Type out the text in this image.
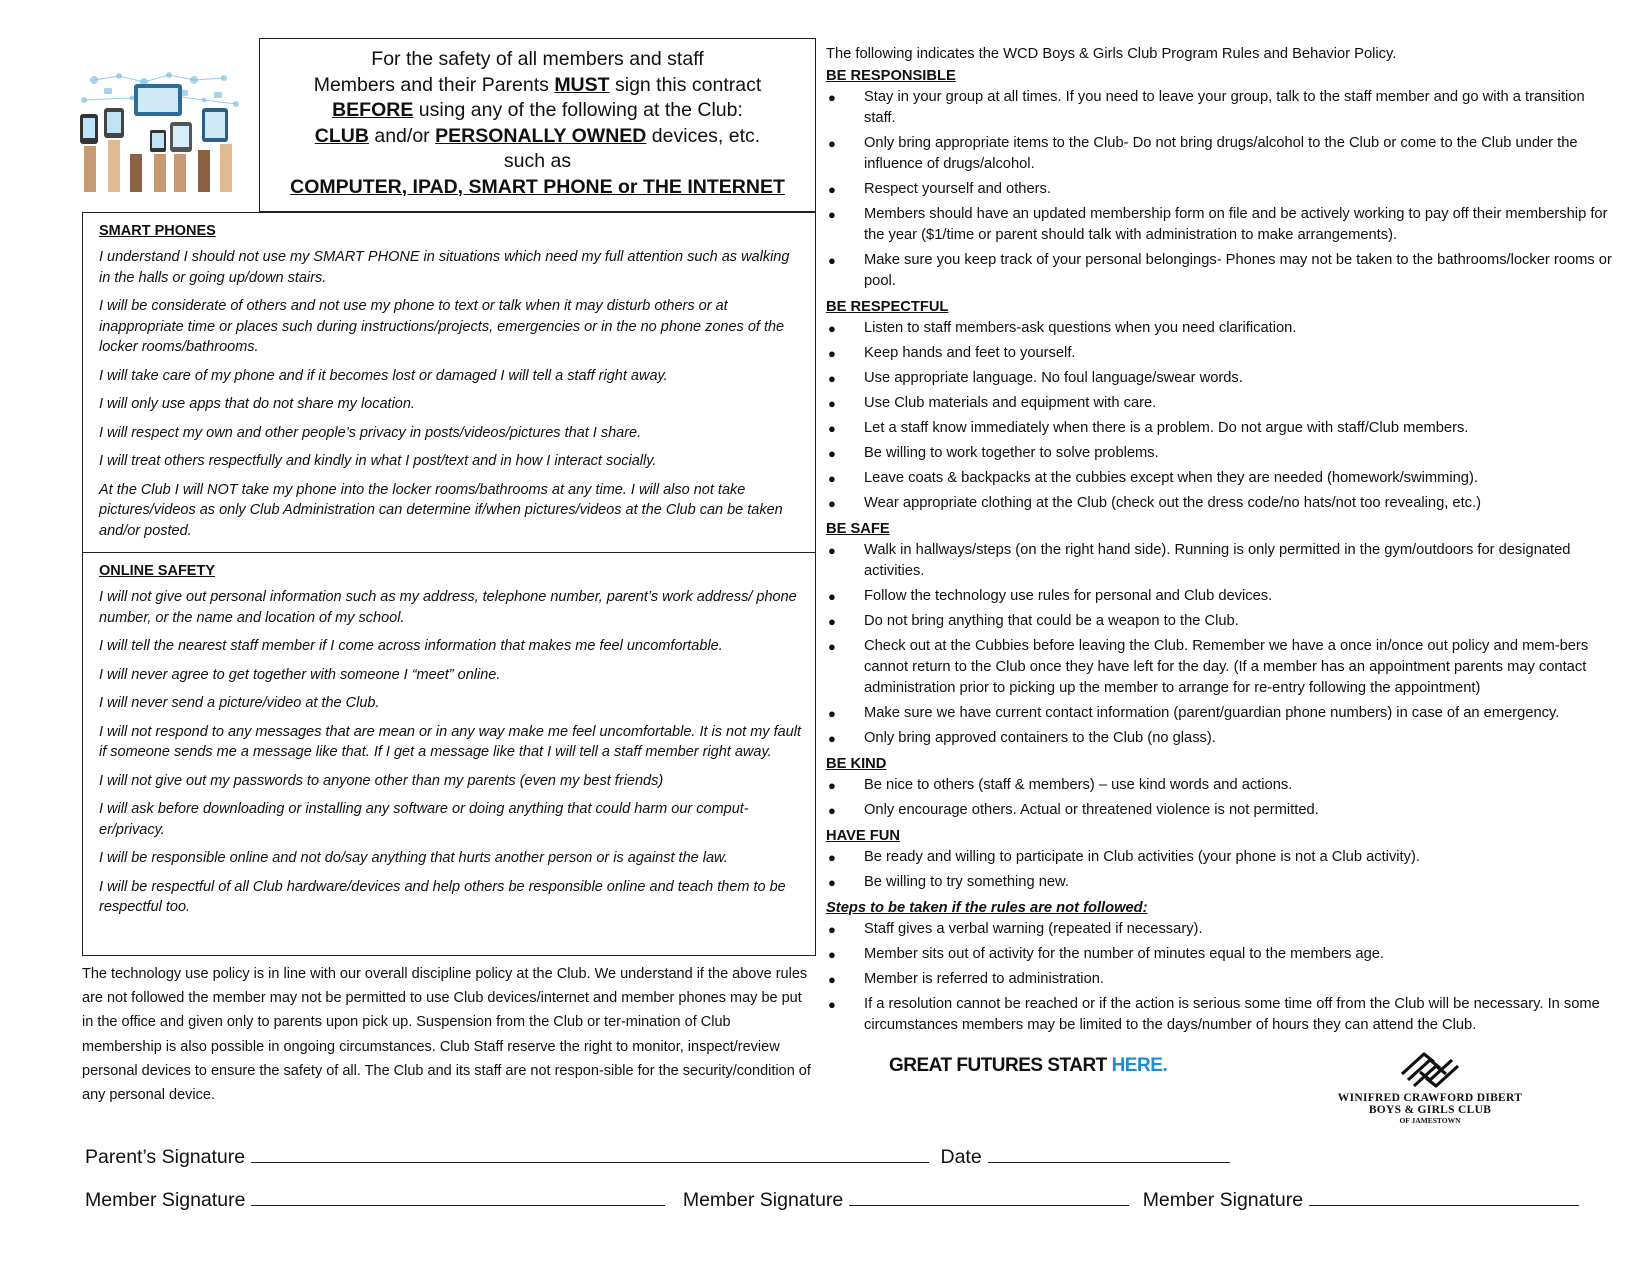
For the safety of all members and staff
Members and their Parents MUST sign this contract
BEFORE using any of the following at the Club:
CLUB and/or PERSONALLY OWNED devices, etc.
such as
COMPUTER, IPAD, SMART PHONE or THE INTERNET
SMART PHONES
I understand I should not use my SMART PHONE in situations which need my full attention such as walking in the halls or going up/down stairs.
I will be considerate of others and not use my phone to text or talk when it may disturb others or at inappropriate time or places such during instructions/projects, emergencies or in the no phone zones of the locker rooms/bathrooms.
I will take care of my phone and if it becomes lost or damaged I will tell a staff right away.
I will only use apps that do not share my location.
I will respect my own and other people’s privacy in posts/videos/pictures that I share.
I will treat others respectfully and kindly in what I post/text and in how I interact socially.
At the Club I will NOT take my phone into the locker rooms/bathrooms at any time. I will also not take pictures/videos as only Club Administration can determine if/when pictures/videos at the Club can be taken and/or posted.
ONLINE SAFETY
I will not give out personal information such as my address, telephone number, parent’s work address/ phone number, or the name and location of my school.
I will tell the nearest staff member if I come across information that makes me feel uncomfortable.
I will never agree to get together with someone I “meet” online.
I will never send a picture/video at the Club.
I will not respond to any messages that are mean or in any way make me feel uncomfortable. It is not my fault if someone sends me a message like that. If I get a message like that I will tell a staff member right away.
I will not give out my passwords to anyone other than my parents (even my best friends)
I will ask before downloading or installing any software or doing anything that could harm our comput-er/privacy.
I will be responsible online and not do/say anything that hurts another person or is against the law.
I will be respectful of all Club hardware/devices and help others be responsible online and teach them to be respectful too.
The technology use policy is in line with our overall discipline policy at the Club. We understand if the above rules are not followed the member may not be permitted to use Club devices/internet and member phones may be put in the office and given only to parents upon pick up. Suspension from the Club or ter-mination of Club membership is also possible in ongoing circumstances. Club Staff reserve the right to monitor, inspect/review personal devices to ensure the safety of all. The Club and its staff are not respon-sible for the security/condition of any personal device.
The following indicates the WCD Boys & Girls Club Program Rules and Behavior Policy.
BE RESPONSIBLE
● Stay in your group at all times. If you need to leave your group, talk to the staff member and go with a transition staff.
● Only bring appropriate items to the Club- Do not bring drugs/alcohol to the Club or come to the Club under the influence of drugs/alcohol.
● Respect yourself and others.
● Members should have an updated membership form on file and be actively working to pay off their membership for the year ($1/time or parent should talk with administration to make arrangements).
● Make sure you keep track of your personal belongings- Phones may not be taken to the bathrooms/locker rooms or pool.
BE RESPECTFUL
● Listen to staff members-ask questions when you need clarification.
● Keep hands and feet to yourself.
● Use appropriate language. No foul language/swear words.
● Use Club materials and equipment with care.
● Let a staff know immediately when there is a problem. Do not argue with staff/Club members.
● Be willing to work together to solve problems.
● Leave coats & backpacks at the cubbies except when they are needed (homework/swimming).
● Wear appropriate clothing at the Club (check out the dress code/no hats/not too revealing, etc.)
BE SAFE
● Walk in hallways/steps (on the right hand side). Running is only permitted in the gym/outdoors for designated activities.
● Follow the technology use rules for personal and Club devices.
● Do not bring anything that could be a weapon to the Club.
● Check out at the Cubbies before leaving the Club. Remember we have a once in/once out policy and mem-bers cannot return to the Club once they have left for the day. (If a member has an appointment parents may contact administration prior to picking up the member to arrange for re-entry following the appointment)
● Make sure we have current contact information (parent/guardian phone numbers) in case of an emergency.
● Only bring approved containers to the Club (no glass).
BE KIND
● Be nice to others (staff & members) – use kind words and actions.
● Only encourage others. Actual or threatened violence is not permitted.
HAVE FUN
● Be ready and willing to participate in Club activities (your phone is not a Club activity).
● Be willing to try something new.
Steps to be taken if the rules are not followed:
● Staff gives a verbal warning (repeated if necessary).
● Member sits out of activity for the number of minutes equal to the members age.
● Member is referred to administration.
● If a resolution cannot be reached or if the action is serious some time off from the Club will be necessary. In some circumstances members may be limited to the days/number of hours they can attend the Club.
GREAT FUTURES START HERE.
WINIFRED CRAWFORD DIBERT
BOYS & GIRLS CLUB
OF JAMESTOWN
Parent’s Signature	Date
Member Signature	Member Signature	Member Signature
